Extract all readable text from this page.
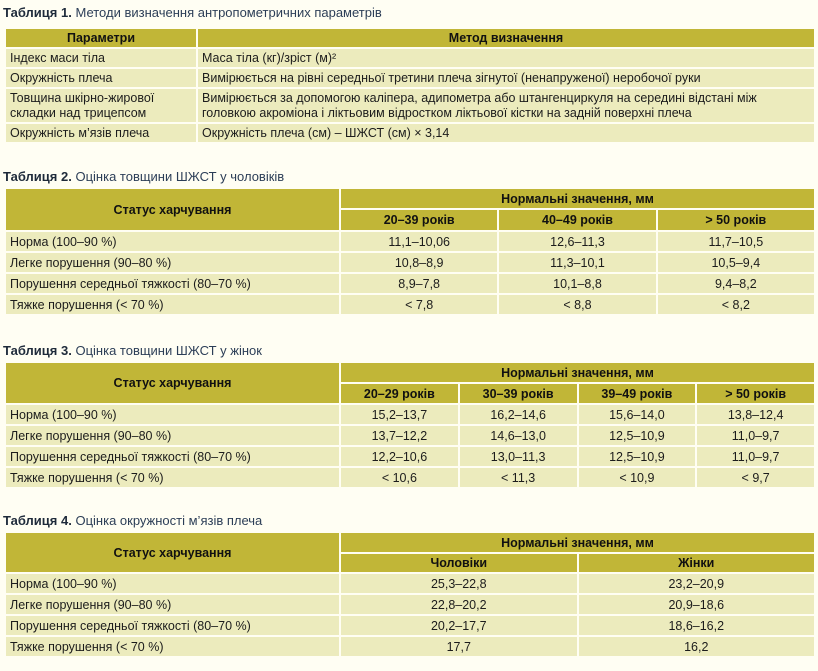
Таблиця 1. Методи визначення антропометричних параметрів
Параметри	Метод визначення
Індекс маси тіла	Маса тіла (кг)/зріст (м)²
Окружність плеча	Вимірюється на рівні середньої третини плеча зігнутої (ненапруженої) неробочої руки
Товщина шкірно-жирової складки над трицепсом	Вимірюється за допомогою каліпера, адипометра або штангенциркуля на середині відстані між головкою акроміона і ліктьовим відростком ліктьової кістки на задній поверхні плеча
Окружність м’язів плеча	Окружність плеча (см) – ШЖСТ (см) × 3,14
Таблиця 2. Оцінка товщини ШЖСТ у чоловіків
Статус харчування	Нормальні значення, мм		
	20–39 років	40–49 років	> 50 років
Норма (100–90 %)	11,1–10,06	12,6–11,3	11,7–10,5
Легке порушення (90–80 %)	10,8–8,9	11,3–10,1	10,5–9,4
Порушення середньої тяжкості (80–70 %)	8,9–7,8	10,1–8,8	9,4–8,2
Тяжке порушення (< 70 %)	< 7,8	< 8,8	< 8,2
Таблиця 3. Оцінка товщини ШЖСТ у жінок
Статус харчування	Нормальні значення, мм			
	20–29 років	30–39 років	39–49 років	> 50 років
Норма (100–90 %)	15,2–13,7	16,2–14,6	15,6–14,0	13,8–12,4
Легке порушення (90–80 %)	13,7–12,2	14,6–13,0	12,5–10,9	11,0–9,7
Порушення середньої тяжкості (80–70 %)	12,2–10,6	13,0–11,3	12,5–10,9	11,0–9,7
Тяжке порушення (< 70 %)	< 10,6	< 11,3	< 10,9	< 9,7
Таблиця 4. Оцінка окружності м’язів плеча
Статус харчування	Нормальні значення, мм	
	Чоловіки	Жінки
Норма (100–90 %)	25,3–22,8	23,2–20,9
Легке порушення (90–80 %)	22,8–20,2	20,9–18,6
Порушення середньої тяжкості (80–70 %)	20,2–17,7	18,6–16,2
Тяжке порушення (< 70 %)	17,7	16,2
